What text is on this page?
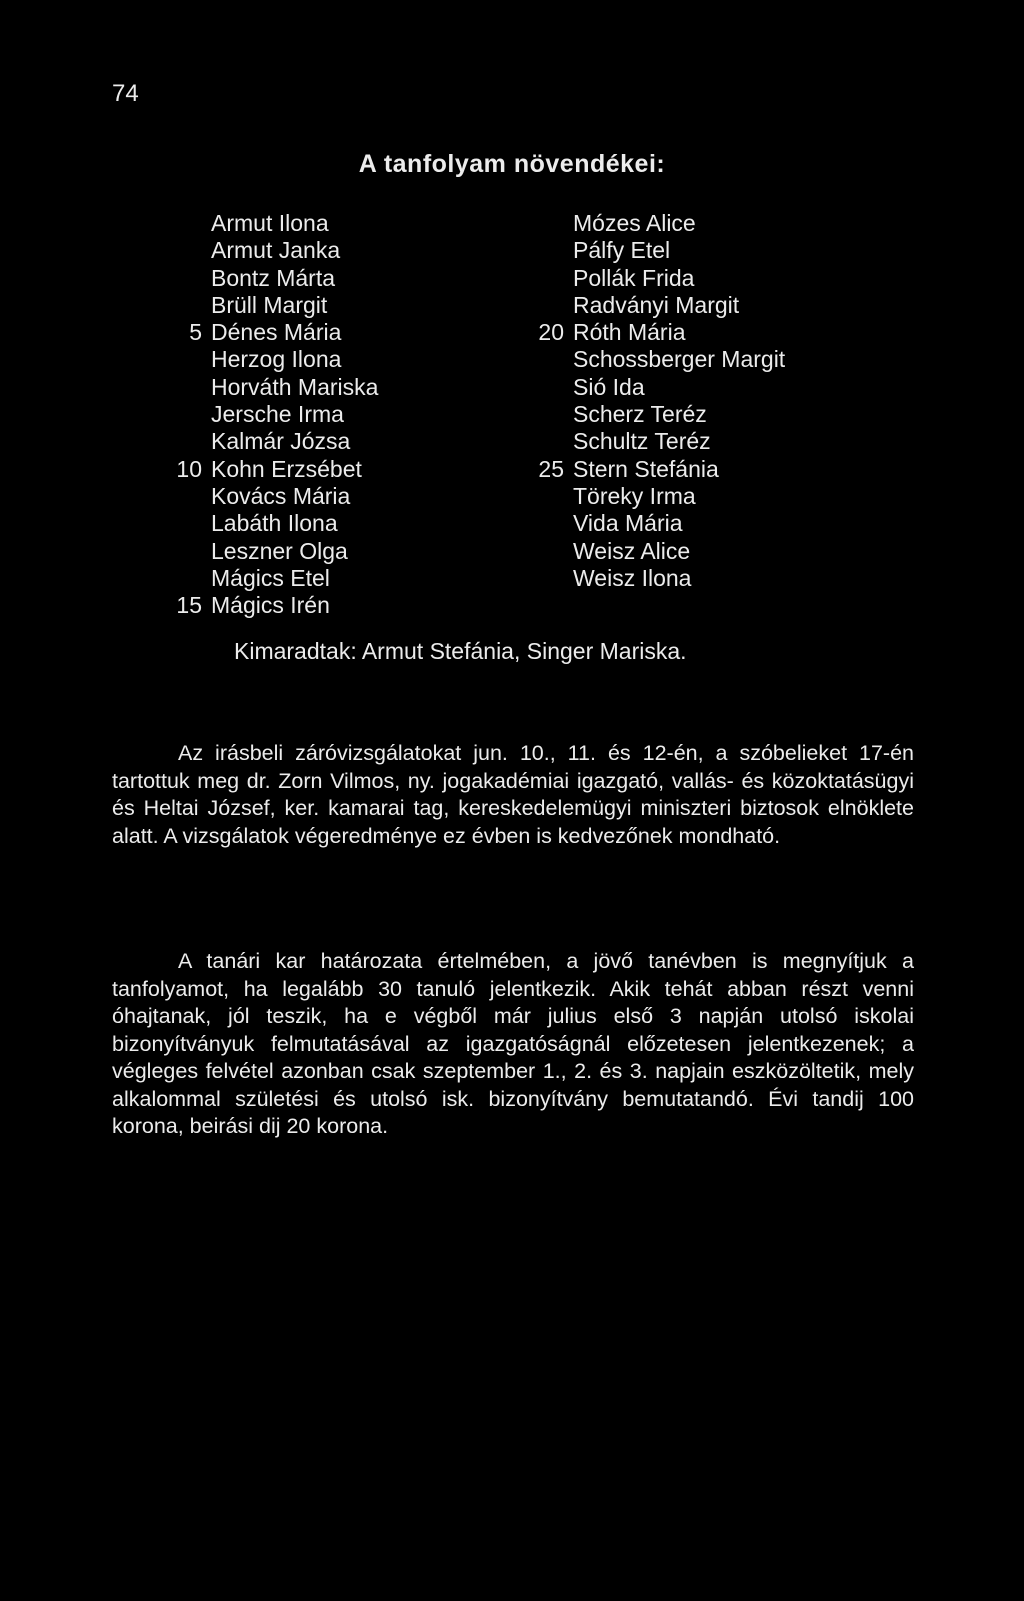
74
A tanfolyam növendékei:
Armut Ilona
Armut Janka
Bontz Márta
Brüll Margit
5 Dénes Mária
Herzog Ilona
Horváth Mariska
Jersche Irma
Kalmár Józsa
10 Kohn Erzsébet
Kovács Mária
Labáth Ilona
Leszner Olga
Mágics Etel
15 Mágics Irén
Mózes Alice
Pálfy Etel
Pollák Frida
Radványi Margit
20 Róth Mária
Schossberger Margit
Sió Ida
Scherz Teréz
Schultz Teréz
25 Stern Stefánia
Töreky Irma
Vida Mária
Weisz Alice
Weisz Ilona
Kimaradtak: Armut Stefánia, Singer Mariska.

Az irásbeli záróvizsgálatokat jun. 10., 11. és 12-én, a szóbelieket 17-én tartottuk meg dr. Zorn Vilmos, ny. jogakadémiai igazgató, vallás- és közoktatásügyi és Heltai József, ker. kamarai tag, kereskedelemügyi miniszteri biztosok elnöklete alatt. A vizsgálatok végeredménye ez évben is kedvezőnek mondható.

A tanári kar határozata értelmében, a jövő tanévben is megnyítjuk a tanfolyamot, ha legalább 30 tanuló jelentkezik. Akik tehát abban részt venni óhajtanak, jól teszik, ha e végből már julius első 3 napján utolsó iskolai bizonyítványuk felmutatásával az igazgatóságnál előzetesen jelentkezenek; a végleges felvétel azonban csak szeptember 1., 2. és 3. napjain eszközöltetik, mely alkalommal születési és utolsó isk. bizonyítvány bemutatandó. Évi tandij 100 korona, beirási dij 20 korona.
